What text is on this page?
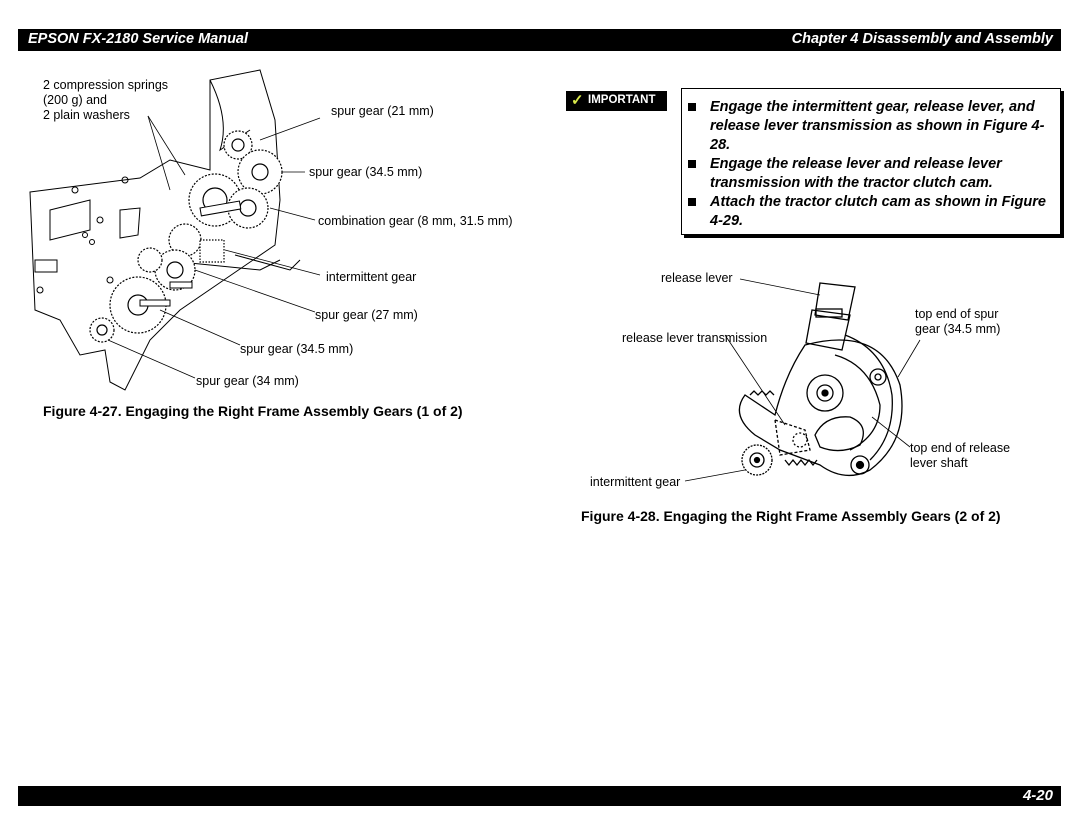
EPSON FX-2180 Service Manual	Chapter 4 Disassembly and Assembly
2 compression springs
(200 g) and
2 plain washers	spur gear (21 mm)
spur gear (34.5 mm)
combination gear (8 mm, 31.5 mm)
intermittent gear
spur gear (27 mm)
spur gear (34.5 mm)
spur gear (34 mm)
Figure 4-27. Engaging the Right Frame Assembly Gears (1 of 2)
✓ IMPORTANT	Engage the intermittent gear, release lever, and release lever transmission as shown in Figure 4-28.
Engage the release lever and release lever transmission with the tractor clutch cam.
Attach the tractor clutch cam as shown in Figure 4-29.
release lever
top end of spur
gear (34.5 mm)
release lever transmission
top end of release
lever shaft
intermittent gear
Figure 4-28. Engaging the Right Frame Assembly Gears (2 of 2)
4-20
